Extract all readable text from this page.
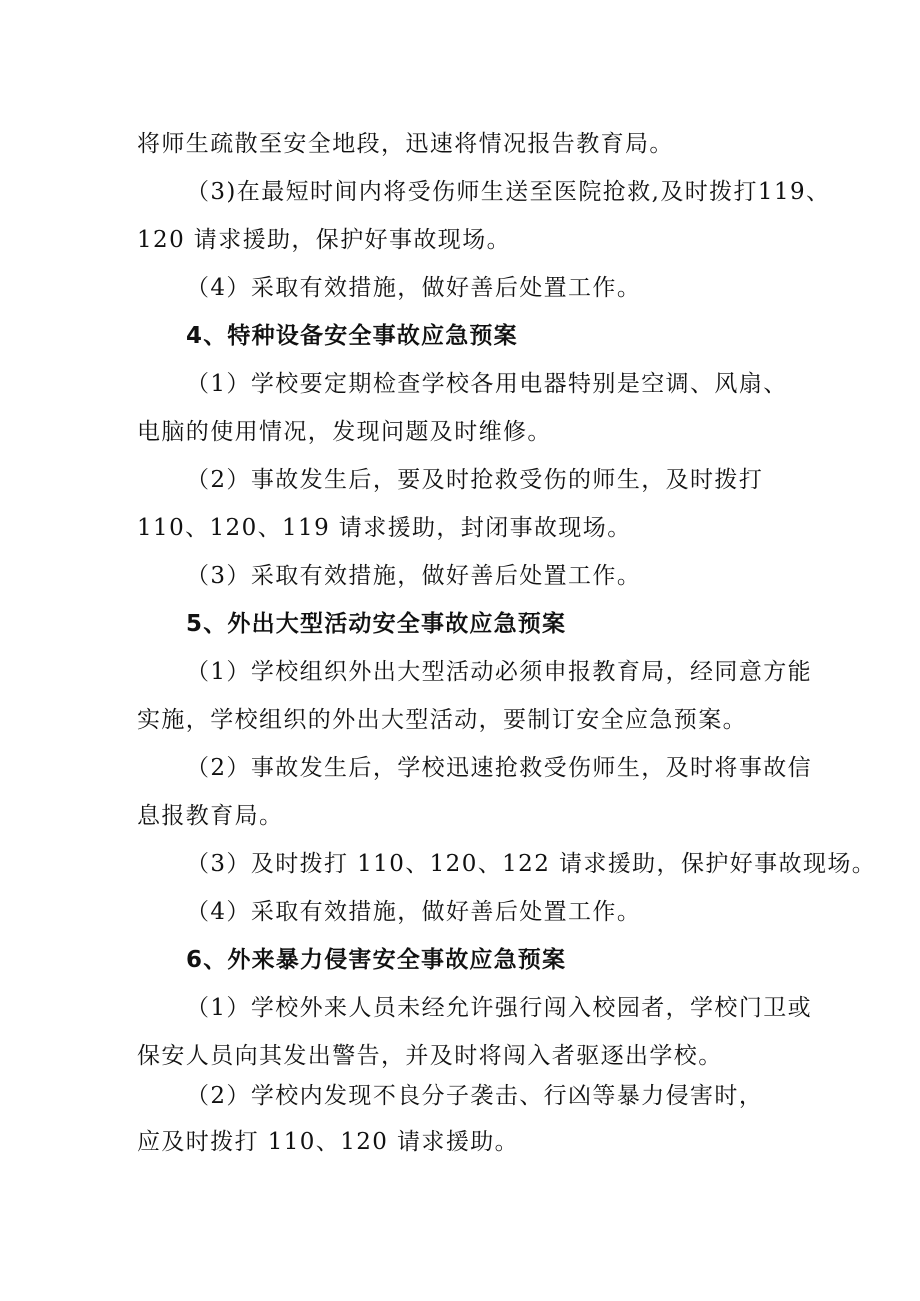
将师生疏散至安全地段，迅速将情况报告教育局。
（3)在最短时间内将受伤师生送至医院抢救,及时拨打119、
120 请求援助，保护好事故现场。
（4）采取有效措施，做好善后处置工作。
4、特种设备安全事故应急预案
（1）学校要定期检查学校各用电器特别是空调、风扇、
电脑的使用情况，发现问题及时维修。
（2）事故发生后，要及时抢救受伤的师生，及时拨打
110、120、119 请求援助，封闭事故现场。
（3）采取有效措施，做好善后处置工作。
5、外出大型活动安全事故应急预案
（1）学校组织外出大型活动必须申报教育局，经同意方能
实施，学校组织的外出大型活动，要制订安全应急预案。
（2）事故发生后，学校迅速抢救受伤师生，及时将事故信
息报教育局。
（3）及时拨打 110、120、122 请求援助，保护好事故现场。
（4）采取有效措施，做好善后处置工作。
6、外来暴力侵害安全事故应急预案
（1）学校外来人员未经允许强行闯入校园者，学校门卫或
保安人员向其发出警告，并及时将闯入者驱逐出学校。
（2）学校内发现不良分子袭击、行凶等暴力侵害时，
应及时拨打 110、120 请求援助。
